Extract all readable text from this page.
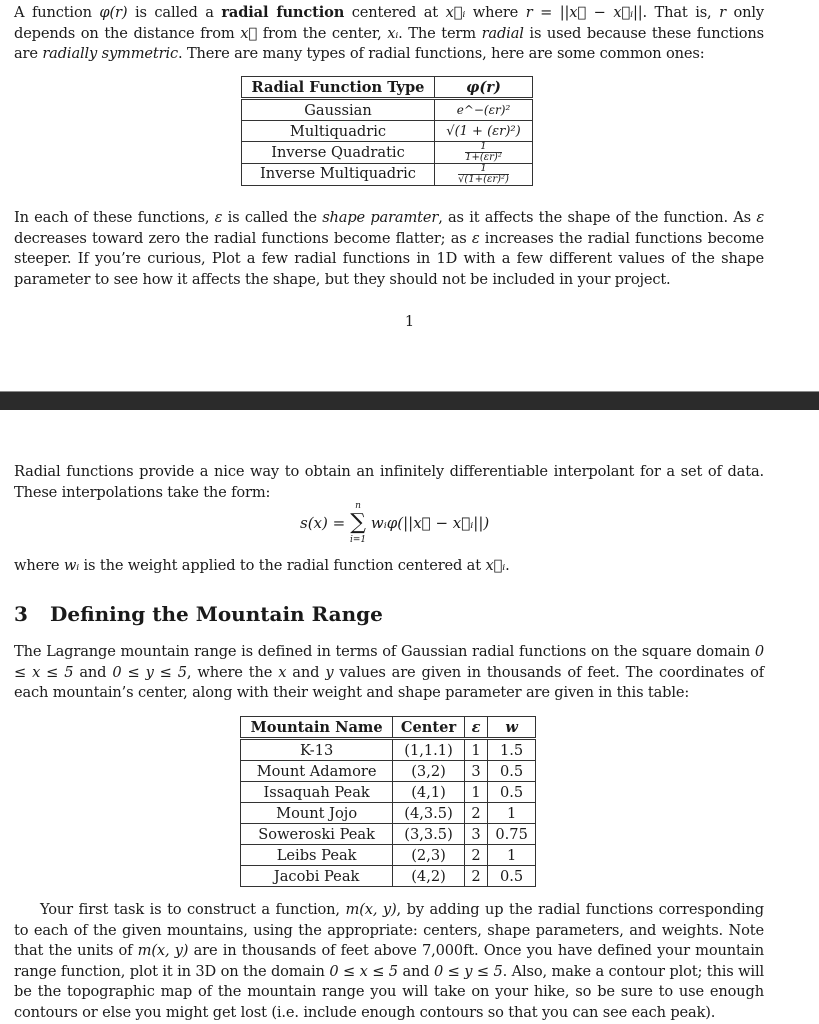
A function φ(r) is called a radial function centered at x⃗ᵢ where r = ||x⃗ − x⃗ᵢ||. That is, r only depends on the distance from x⃗ from the center, xᵢ. The term radial is used because these functions are radially symmetric. There are many types of radial functions, here are some common ones:

Radial Function Type	φ(r)
Gaussian	e^−(εr)²
Multiquadric	√(1 + (εr)²)
Inverse Quadratic	$\frac{1}{\text{1+(εr)²}}$

Inverse Multiquadric	$\frac{1}{\text{√(1+(εr)²)}}$

In each of these functions, ε is called the shape paramter, as it affects the shape of the function. As ε decreases toward zero the radial functions become flatter; as ε increases the radial functions become steeper. If you’re curious, Plot a few radial functions in 1D with a few different values of the shape parameter to see how it affects the shape, but they should not be included in your project.

1

Radial functions provide a nice way to obtain an infinitely differentiable interpolant for a set of data. These interpolations take the form:

s(x) =
n
∑
i=1
wᵢφ(||x⃗ − x⃗ᵢ||)

where wᵢ is the weight applied to the radial function centered at x⃗ᵢ.

3 Defining the Mountain Range

The Lagrange mountain range is defined in terms of Gaussian radial functions on the square domain 0 ≤ x ≤ 5 and 0 ≤ y ≤ 5, where the x and y values are given in thousands of feet. The coordinates of each mountain’s center, along with their weight and shape parameter are given in this table:

Mountain Name	Center	ε	w
K-13	(1,1.1)	1	1.5
Mount Adamore	(3,2)	3	0.5
Issaquah Peak	(4,1)	1	0.5
Mount Jojo	(4,3.5)	2	1
Soweroski Peak	(3,3.5)	3	0.75
Leibs Peak	(2,3)	2	1
Jacobi Peak	(4,2)	2	0.5

Your first task is to construct a function, m(x, y), by adding up the radial functions corresponding to each of the given mountains, using the appropriate: centers, shape parameters, and weights. Note that the units of m(x, y) are in thousands of feet above 7,000ft. Once you have defined your mountain range function, plot it in 3D on the domain 0 ≤ x ≤ 5 and 0 ≤ y ≤ 5. Also, make a contour plot; this will be the topographic map of the mountain range you will take on your hike, so be sure to use enough contours or else you might get lost (i.e. include enough contours so that you can see each peak).
